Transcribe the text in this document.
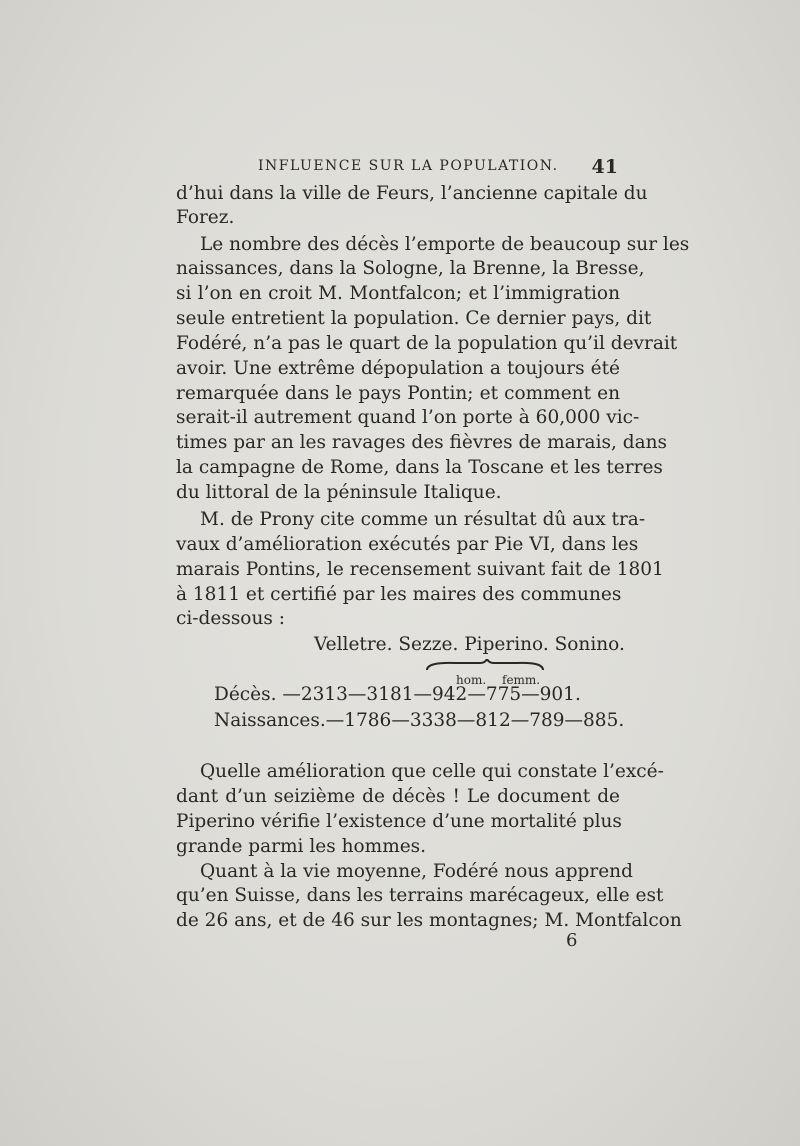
INFLUENCE SUR LA POPULATION. 41
d’hui dans la ville de Feurs, l’ancienne capitale du
Forez.
Le nombre des décès l’emporte de beaucoup sur les
naissances, dans la Sologne, la Brenne, la Bresse,
si l’on en croit M. Montfalcon; et l’immigration
seule entretient la population. Ce dernier pays, dit
Fodéré, n’a pas le quart de la population qu’il devrait
avoir. Une extrême dépopulation a toujours été
remarquée dans le pays Pontin; et comment en
serait-il autrement quand l’on porte à 60,000 vic-
times par an les ravages des fièvres de marais, dans
la campagne de Rome, dans la Toscane et les terres
du littoral de la péninsule Italique.
M. de Prony cite comme un résultat dû aux tra-
vaux d’amélioration exécutés par Pie VI, dans les
marais Pontins, le recensement suivant fait de 1801
à 1811 et certifié par les maires des communes
ci-dessous :
Velletre. Sezze. Piperino. Sonino.
hom. femm.
Décès. —2313—3181—942—775—901.
Naissances.—1786—3338—812—789—885.
Quelle amélioration que celle qui constate l’excé-
dant d’un seizième de décès ! Le document de
Piperino vérifie l’existence d’une mortalité plus
grande parmi les hommes.
Quant à la vie moyenne, Fodéré nous apprend
qu’en Suisse, dans les terrains marécageux, elle est
de 26 ans, et de 46 sur les montagnes; M. Montfalcon
6
